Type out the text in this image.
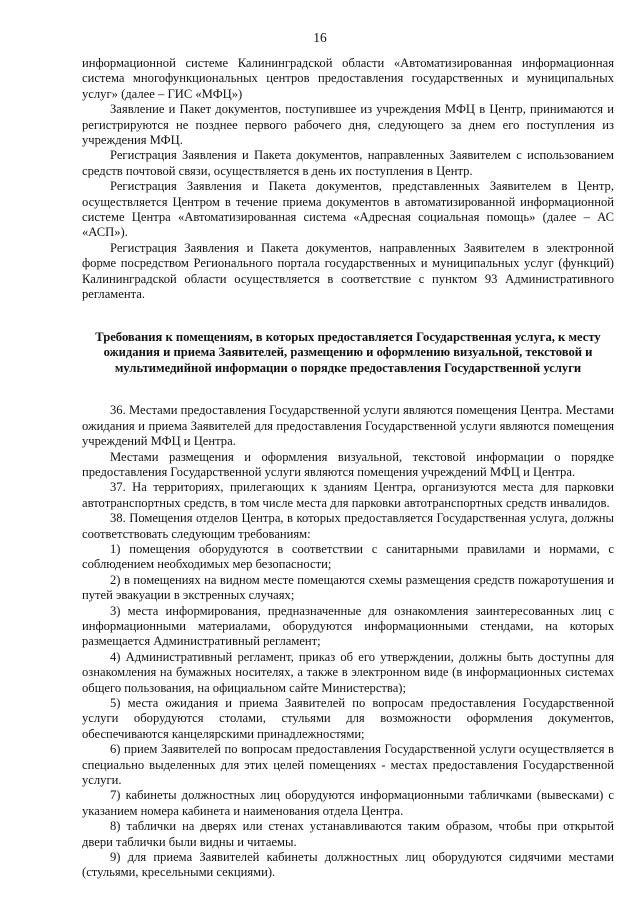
16

информационной системе Калининградской области «Автоматизированная информационная система многофункциональных центров предоставления государственных и муниципальных услуг» (далее – ГИС «МФЦ»)

Заявление и Пакет документов, поступившее из учреждения МФЦ в Центр, принимаются и регистрируются не позднее первого рабочего дня, следующего за днем его поступления из учреждения МФЦ.

Регистрация Заявления и Пакета документов, направленных Заявителем с использованием средств почтовой связи, осуществляется в день их поступления в Центр.

Регистрация Заявления и Пакета документов, представленных Заявителем в Центр, осуществляется Центром в течение приема документов в автоматизированной информационной системе Центра «Автоматизированная система «Адресная социальная помощь» (далее – АС «АСП»).

Регистрация Заявления и Пакета документов, направленных Заявителем в электронной форме посредством Регионального портала государственных и муниципальных услуг (функций) Калининградской области осуществляется в соответствие с пунктом 93 Административного регламента.

Требования к помещениям, в которых предоставляется Государственная услуга, к месту ожидания и приема Заявителей, размещению и оформлению визуальной, текстовой и мультимедийной информации о порядке предоставления Государственной услуги

36. Местами предоставления Государственной услуги являются помещения Центра. Местами ожидания и приема Заявителей для предоставления Государственной услуги являются помещения учреждений МФЦ и Центра.

Местами размещения и оформления визуальной, текстовой информации о порядке предоставления Государственной услуги являются помещения учреждений МФЦ и Центра.

37. На территориях, прилегающих к зданиям Центра, организуются места для парковки автотранспортных средств, в том числе места для парковки автотранспортных средств инвалидов.

38. Помещения отделов Центра, в которых предоставляется Государственная услуга, должны соответствовать следующим требованиям:

1) помещения оборудуются в соответствии с санитарными правилами и нормами, с соблюдением необходимых мер безопасности;

2) в помещениях на видном месте помещаются схемы размещения средств пожаротушения и путей эвакуации в экстренных случаях;

3) места информирования, предназначенные для ознакомления заинтересованных лиц с информационными материалами, оборудуются информационными стендами, на которых размещается Административный регламент;

4) Административный регламент, приказ об его утверждении, должны быть доступны для ознакомления на бумажных носителях, а также в электронном виде (в информационных системах общего пользования, на официальном сайте Министерства);

5) места ожидания и приема Заявителей по вопросам предоставления Государственной услуги оборудуются столами, стульями для возможности оформления документов, обеспечиваются канцелярскими принадлежностями;

6) прием Заявителей по вопросам предоставления Государственной услуги осуществляется в специально выделенных для этих целей помещениях - местах предоставления Государственной услуги.

7) кабинеты должностных лиц оборудуются информационными табличками (вывесками) с указанием номера кабинета и наименования отдела Центра.

8) таблички на дверях или стенах устанавливаются таким образом, чтобы при открытой двери таблички были видны и читаемы.

9) для приема Заявителей кабинеты должностных лиц оборудуются сидячими местами (стульями, кресельными секциями).
